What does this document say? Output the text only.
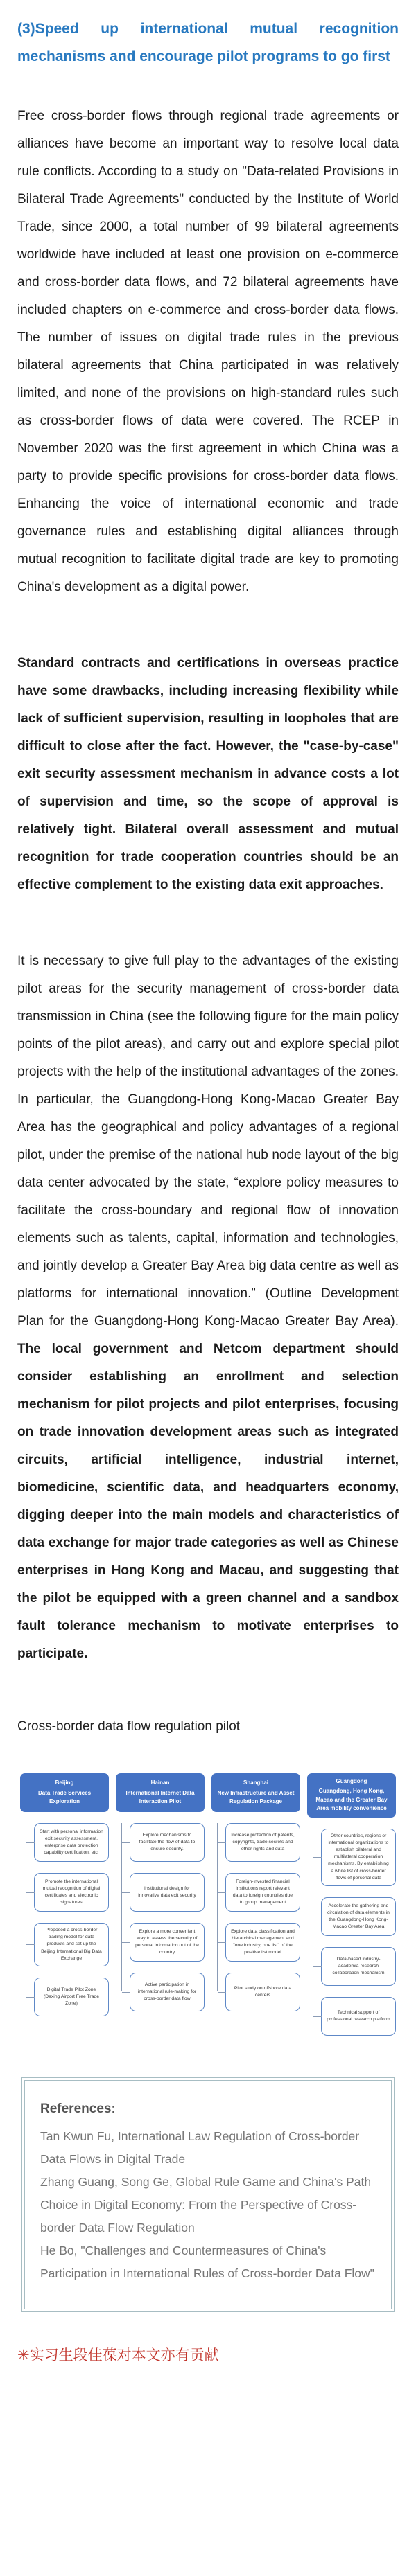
(3)Speed up international mutual recognition mechanisms and encourage pilot programs to go first

Free cross-border flows through regional trade agreements or alliances have become an important way to resolve local data rule conflicts. According to a study on "Data-related Provisions in Bilateral Trade Agreements" conducted by the Institute of World Trade, since 2000, a total number of 99 bilateral agreements worldwide have included at least one provision on e-commerce and cross-border data flows, and 72 bilateral agreements have included chapters on e-commerce and cross-border data flows. The number of issues on digital trade rules in the previous bilateral agreements that China participated in was relatively limited, and none of the provisions on high-standard rules such as cross-border flows of data were covered. The RCEP in November 2020 was the first agreement in which China was a party to provide specific provisions for cross-border data flows. Enhancing the voice of international economic and trade governance rules and establishing digital alliances through mutual recognition to facilitate digital trade are key to promoting China's development as a digital power.

Standard contracts and certifications in overseas practice have some drawbacks, including increasing flexibility while lack of sufficient supervision, resulting in loopholes that are difficult to close after the fact. However, the "case-by-case" exit security assessment mechanism in advance costs a lot of supervision and time, so the scope of approval is relatively tight. Bilateral overall assessment and mutual recognition for trade cooperation countries should be an effective complement to the existing data exit approaches.

It is necessary to give full play to the advantages of the existing pilot areas for the security management of cross-border data transmission in China (see the following figure for the main policy points of the pilot areas), and carry out and explore special pilot projects with the help of the institutional advantages of the zones. In particular, the Guangdong-Hong Kong-Macao Greater Bay Area has the geographical and policy advantages of a regional pilot, under the premise of the national hub node layout of the big data center advocated by the state, “explore policy measures to facilitate the cross-boundary and regional flow of innovation elements such as talents, capital, information and technologies, and jointly develop a Greater Bay Area big data centre as well as platforms for international innovation.” (Outline Development Plan for the Guangdong-Hong Kong-Macao Greater Bay Area). The local government and Netcom department should consider establishing an enrollment and selection mechanism for pilot projects and pilot enterprises, focusing on trade innovation development areas such as integrated circuits, artificial intelligence, industrial internet, biomedicine, scientific data, and headquarters economy, digging deeper into the main models and characteristics of data exchange for major trade categories as well as Chinese enterprises in Hong Kong and Macau, and suggesting that the pilot be equipped with a green channel and a sandbox fault tolerance mechanism to motivate enterprises to participate.

Cross-border data flow regulation pilot

Beijing
Data Trade Services Exploration
Start with personal information exit security assessment, enterprise data protection capability certification, etc.
Promote the international mutual recognition of digital certificates and electronic signatures
Proposed a cross-border trading model for data products and set up the Beijing International Big Data Exchange
Digital Trade Pilot Zone (Daxing Airport Free Trade Zone)
Hainan
International Internet Data Interaction Pilot
Explore mechanisms to facilitate the flow of data to ensure security.
Institutional design for innovative data exit security
Explore a more convenient way to assess the security of personal information out of the country
Active participation in international rule-making for cross-border data flow
Shanghai
New Infrastructure and Asset Regulation Package
Increase protection of patents, copyrights, trade secrets and other rights and data
Foreign-invested financial institutions report relevant data to foreign countries due to group management
Explore data classification and hierarchical management and "one industry, one list" of the positive list model
Pilot study on offshore data centers
Guangdong
Guangdong, Hong Kong, Macao and the Greater Bay Area mobility convenience
Other countries, regions or international organizations to establish bilateral and multilateral cooperation mechanisms. By establishing a white list of cross-border flows of personal data
Accelerate the gathering and circulation of data elements in the Guangdong-Hong Kong-Macao Greater Bay Area
Data-based industry-academia-research collaboration mechanism
Technical support of professional research platform

References:

Tan Kwun Fu, International Law Regulation of Cross-border Data Flows in Digital Trade

Zhang Guang, Song Ge, Global Rule Game and China's Path Choice in Digital Economy: From the Perspective of Cross-border Data Flow Regulation

He Bo, "Challenges and Countermeasures of China's Participation in International Rules of Cross-border Data Flow"

✳实习生段佳葆对本文亦有贡献
